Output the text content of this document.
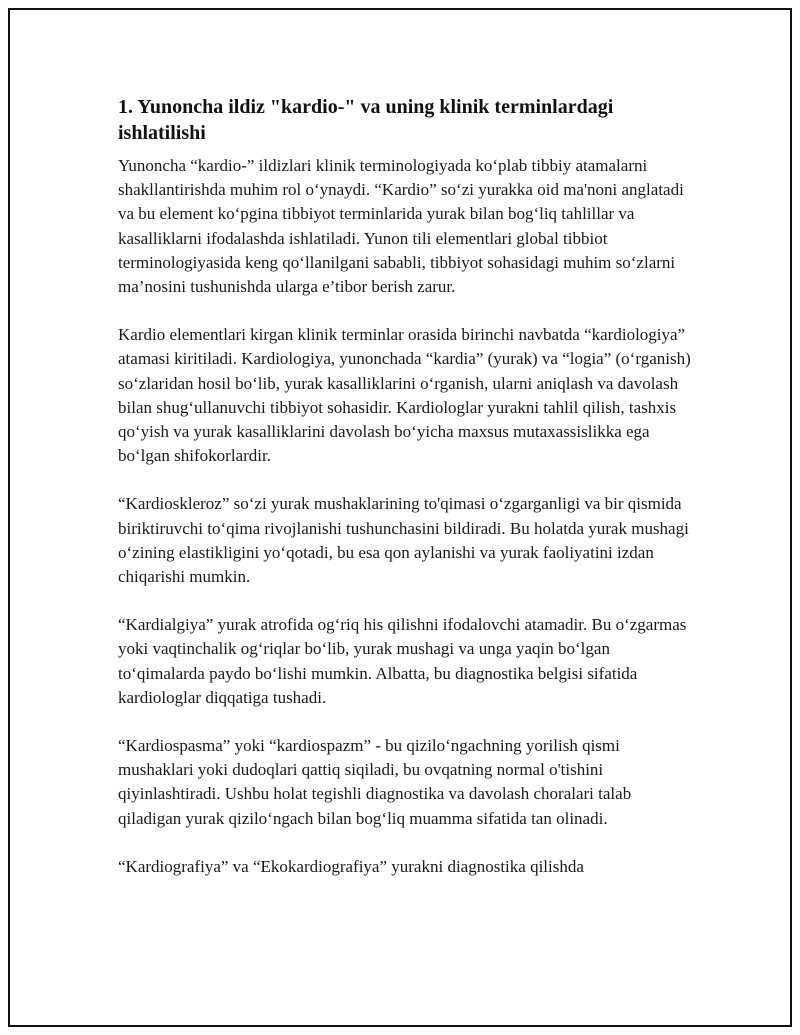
1. Yunoncha ildiz "kardio-" va uning klinik terminlardagi ishlatilishi

Yunoncha “kardio-” ildizlari klinik terminologiyada ko‘plab tibbiy atamalarni shakllantirishda muhim rol o‘ynaydi. “Kardio” so‘zi yurakka oid ma'noni anglatadi va bu element ko‘pgina tibbiyot terminlarida yurak bilan bog‘liq tahlillar va kasalliklarni ifodalashda ishlatiladi. Yunon tili elementlari global tibbiot terminologiyasida keng qo‘llanilgani sababli, tibbiyot sohasidagi muhim so‘zlarni ma’nosini tushunishda ularga e’tibor berish zarur.

Kardio elementlari kirgan klinik terminlar orasida birinchi navbatda “kardiologiya” atamasi kiritiladi. Kardiologiya, yunonchada “kardia” (yurak) va “logia” (o‘rganish) so‘zlaridan hosil bo‘lib, yurak kasalliklarini o‘rganish, ularni aniqlash va davolash bilan shug‘ullanuvchi tibbiyot sohasidir. Kardiologlar yurakni tahlil qilish, tashxis qo‘yish va yurak kasalliklarini davolash bo‘yicha maxsus mutaxassislikka ega bo‘lgan shifokorlardir.

“Kardioskleroz” so‘zi yurak mushaklarining to'qimasi o‘zgarganligi va bir qismida biriktiruvchi to‘qima rivojlanishi tushunchasini bildiradi. Bu holatda yurak mushagi o‘zining elastikligini yo‘qotadi, bu esa qon aylanishi va yurak faoliyatini izdan chiqarishi mumkin.

“Kardialgiya” yurak atrofida og‘riq his qilishni ifodalovchi atamadir. Bu o‘zgarmas yoki vaqtinchalik og‘riqlar bo‘lib, yurak mushagi va unga yaqin bo‘lgan to‘qimalarda paydo bo‘lishi mumkin. Albatta, bu diagnostika belgisi sifatida kardiologlar diqqatiga tushadi.

“Kardiospasma” yoki “kardiospazm” - bu qizilo‘ngachning yorilish qismi mushaklari yoki dudoqlari qattiq siqiladi, bu ovqatning normal o'tishini qiyinlashtiradi. Ushbu holat tegishli diagnostika va davolash choralari talab qiladigan yurak qizilo‘ngach bilan bog‘liq muamma sifatida tan olinadi.

“Kardiografiya” va “Ekokardiografiya” yurakni diagnostika qilishda
